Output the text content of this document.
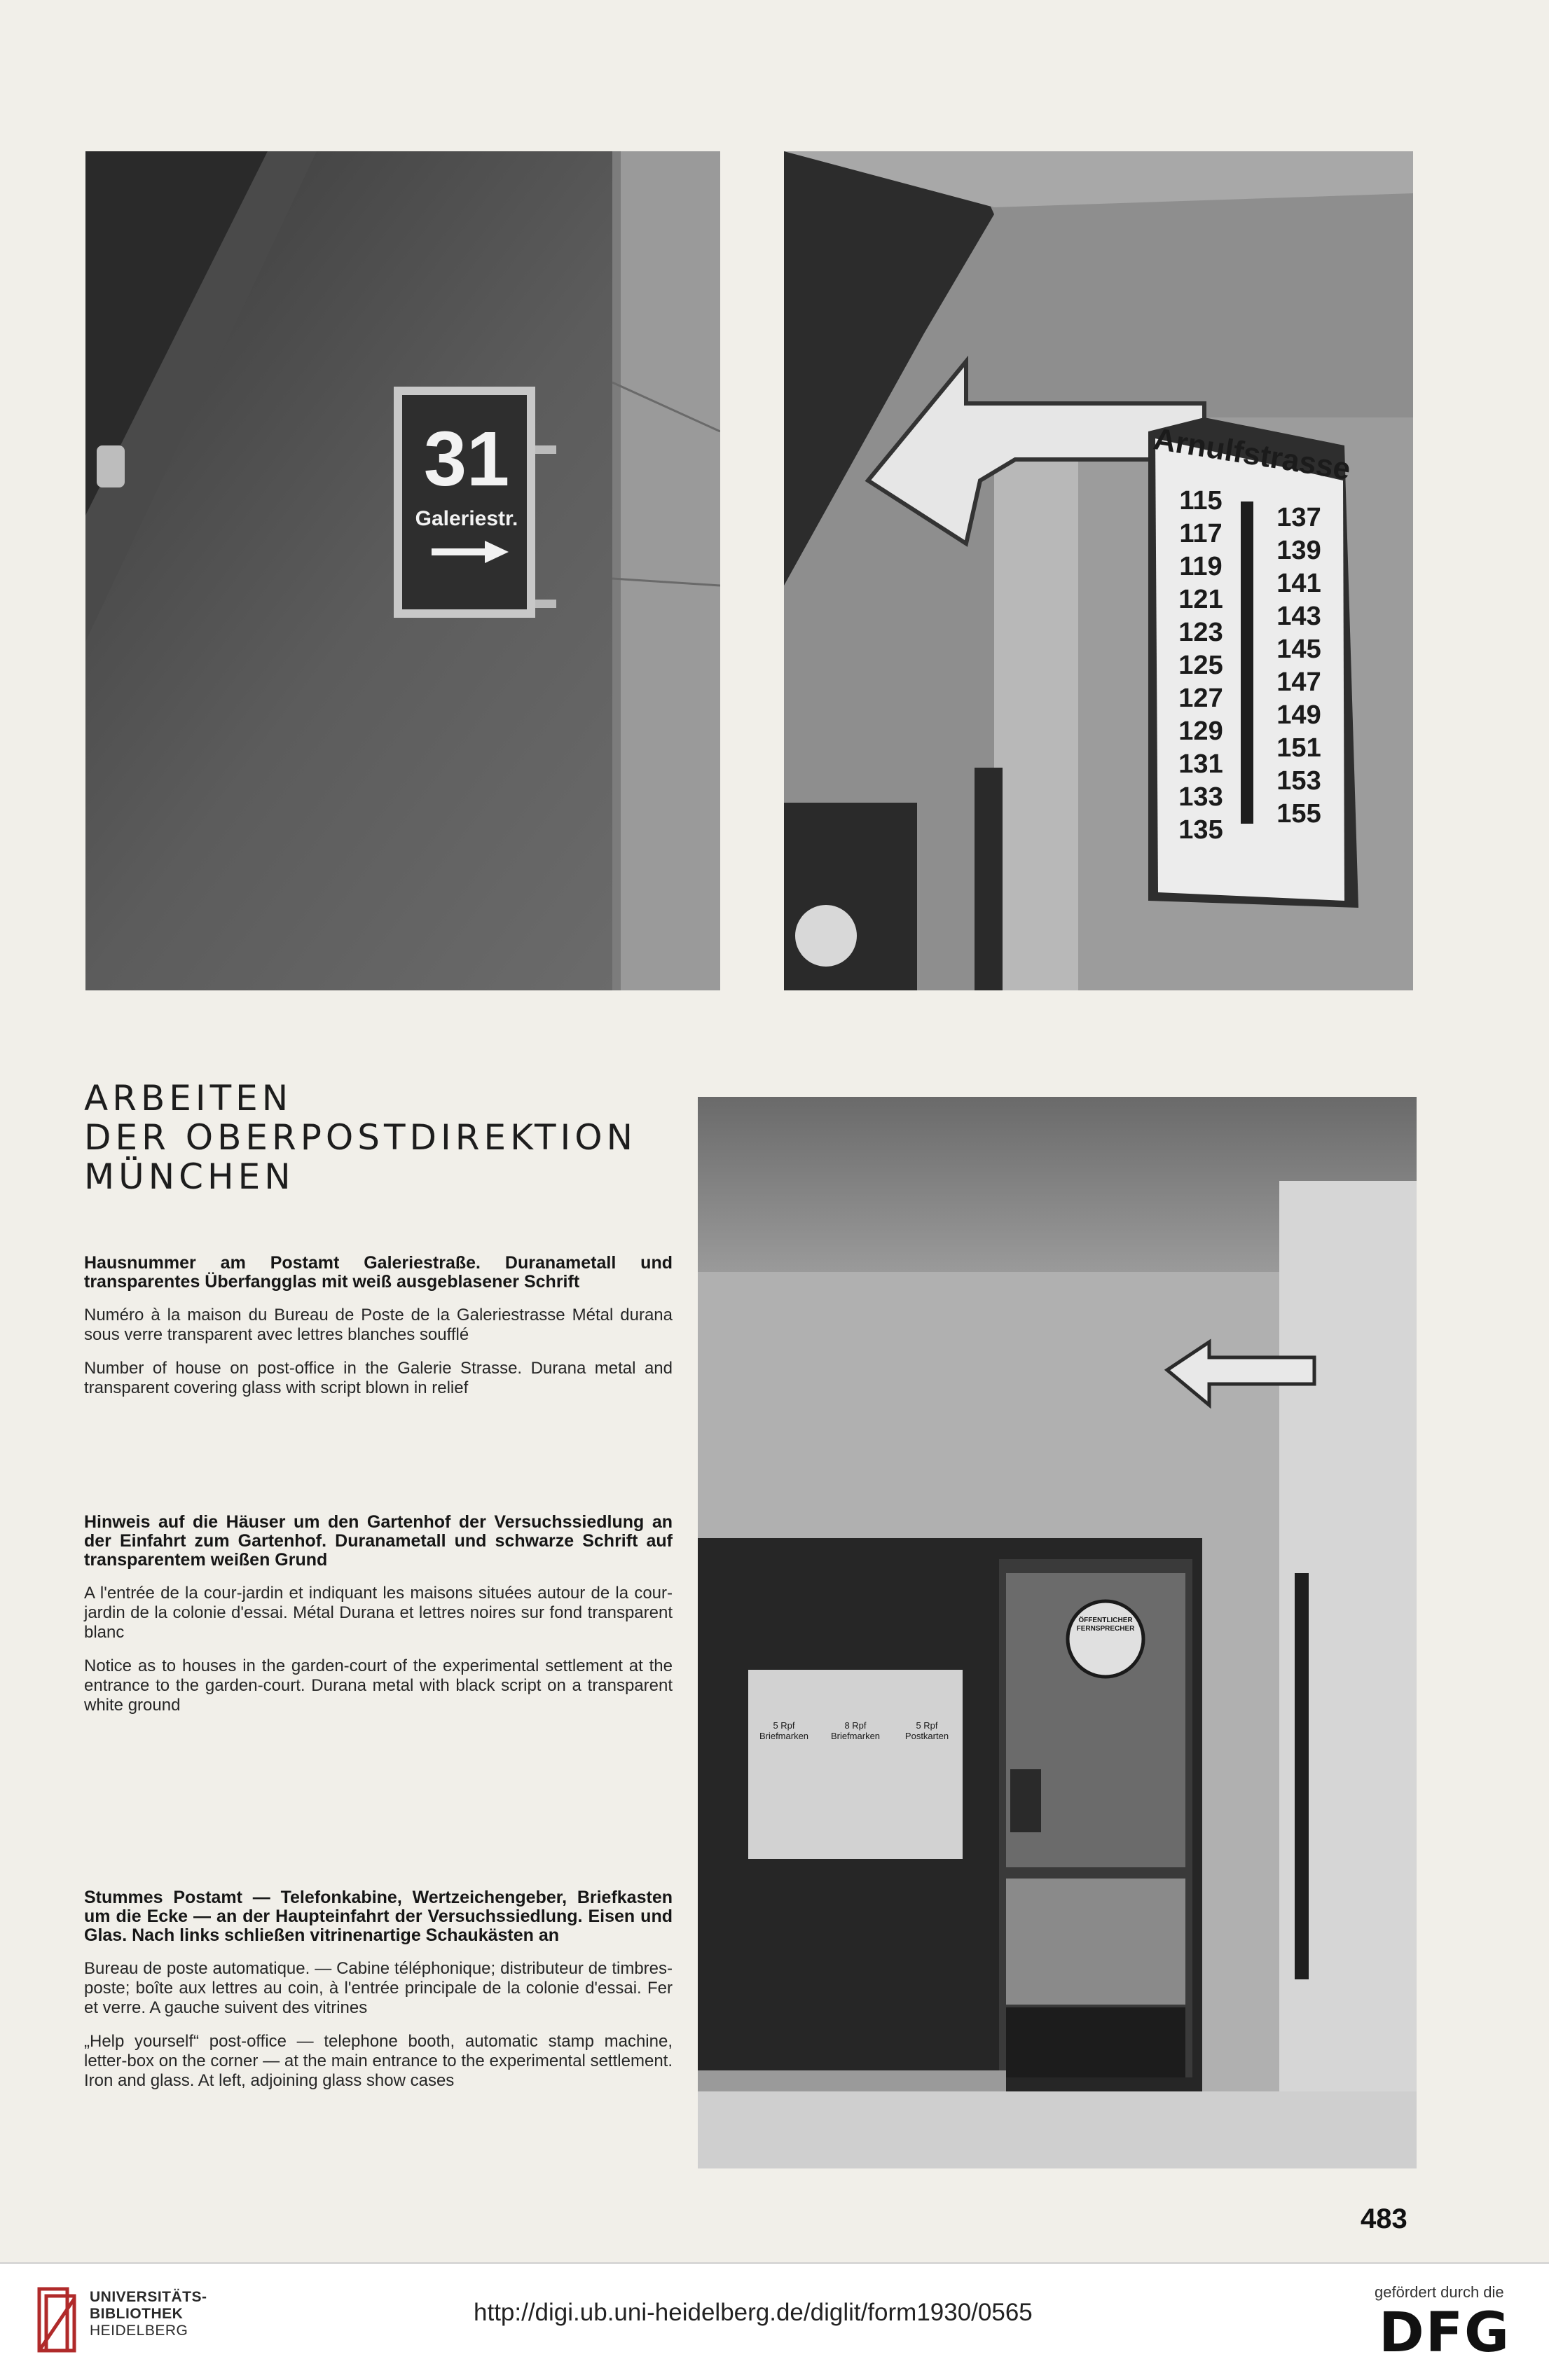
31
Galeriestr.
Arnulfstrasse
115
117
119
121
123
125
127
129
131
133
135
137
139
141
143
145
147
149
151
153
155
ÖFFENTLICHER FERNSPRECHER
5 Rpf Briefmarken
8 Rpf Briefmarken
5 Rpf Postkarten
ARBEITEN
DER OBERPOSTDIREKTION
MÜNCHEN

Hausnummer am Postamt Galeriestraße. Duranametall und transparentes Überfangglas mit weiß ausgeblasener Schrift

Numéro à la maison du Bureau de Poste de la Galeriestrasse Métal durana sous verre transparent avec lettres blanches soufflé

Number of house on post-office in the Galerie Strasse. Durana metal and transparent covering glass with script blown in relief

Hinweis auf die Häuser um den Gartenhof der Versuchssiedlung an der Einfahrt zum Gartenhof. Duranametall und schwarze Schrift auf transparentem weißen Grund

A l'entrée de la cour-jardin et indiquant les maisons situées autour de la cour-jardin de la colonie d'essai. Métal Durana et lettres noires sur fond transparent blanc

Notice as to houses in the garden-court of the experimental settlement at the entrance to the garden-court. Durana metal with black script on a transparent white ground

Stummes Postamt — Telefonkabine, Wertzeichengeber, Briefkasten um die Ecke — an der Haupteinfahrt der Versuchssiedlung. Eisen und Glas. Nach links schließen vitrinenartige Schaukästen an

Bureau de poste automatique. — Cabine téléphonique; distributeur de timbres-poste; boîte aux lettres au coin, à l'entrée principale de la colonie d'essai. Fer et verre. A gauche suivent des vitrines

„Help yourself“ post-office — telephone booth, automatic stamp machine, letter-box on the corner — at the main entrance to the experimental settlement. Iron and glass. At left, adjoining glass show cases

483
UNIVERSITÄTS-
BIBLIOTHEK
HEIDELBERG
http://digi.ub.uni-heidelberg.de/diglit/form1930/0565
gefördert durch die
DFG
